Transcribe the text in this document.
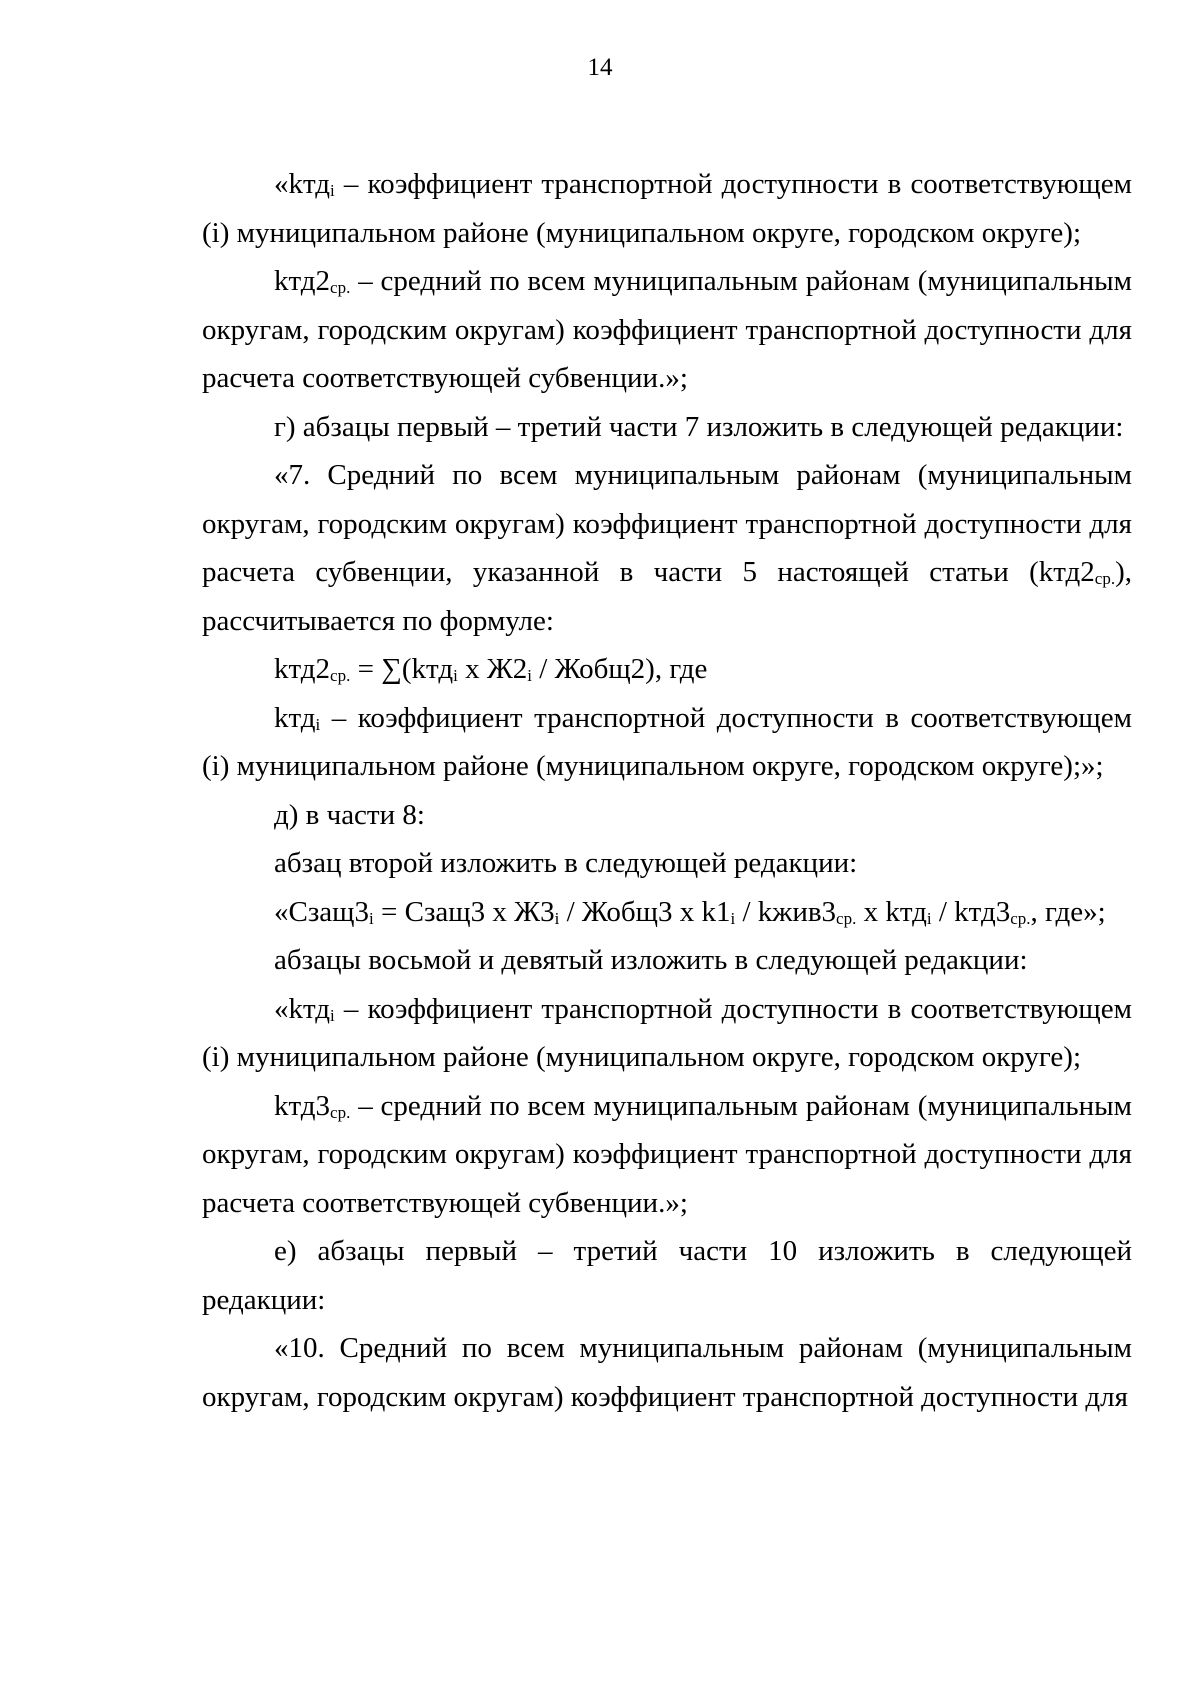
14

«kтд$_i$ – коэффициент транспортной доступности в соответствующем (i) муниципальном районе (муниципальном округе, городском округе);

$kтд2_{ср.}$ – средний по всем муниципальным районам (муниципальным округам, городским округам) коэффициент транспортной доступности для расчета соответствующей субвенции.»;

г) абзацы первый – третий части 7 изложить в следующей редакции:

«7. Средний по всем муниципальным районам (муниципальным округам, городским округам) коэффициент транспортной доступности для расчета субвенции, указанной в части 5 настоящей статьи $(kтд2_{ср.})$, рассчитывается по формуле:

$kтд2_{ср.} = \sum(kтд_i$ x $Ж2_i$ / Жобщ2), где

kтд$_i$ – коэффициент транспортной доступности в соответствующем (i) муниципальном районе (муниципальном округе, городском округе);»;

д) в части 8:

абзац второй изложить в следующей редакции:

«$Сзащ3_i$ = Сзащ3 x $Ж3_i$ / Жобщ3 x $k1_i$ / $kжив3_{ср.}$ x $kтд_i / kтд3_{ср.}$, где»;

абзацы восьмой и девятый изложить в следующей редакции:

«kтд$_i$ – коэффициент транспортной доступности в соответствующем (i) муниципальном районе (муниципальном округе, городском округе);

$kтд3_{ср.}$ – средний по всем муниципальным районам (муниципальным округам, городским округам) коэффициент транспортной доступности для расчета соответствующей субвенции.»;

е) абзацы первый – третий части 10 изложить в следующей редакции:

«10. Средний по всем муниципальным районам (муниципальным округам, городским округам) коэффициент транспортной доступности для
